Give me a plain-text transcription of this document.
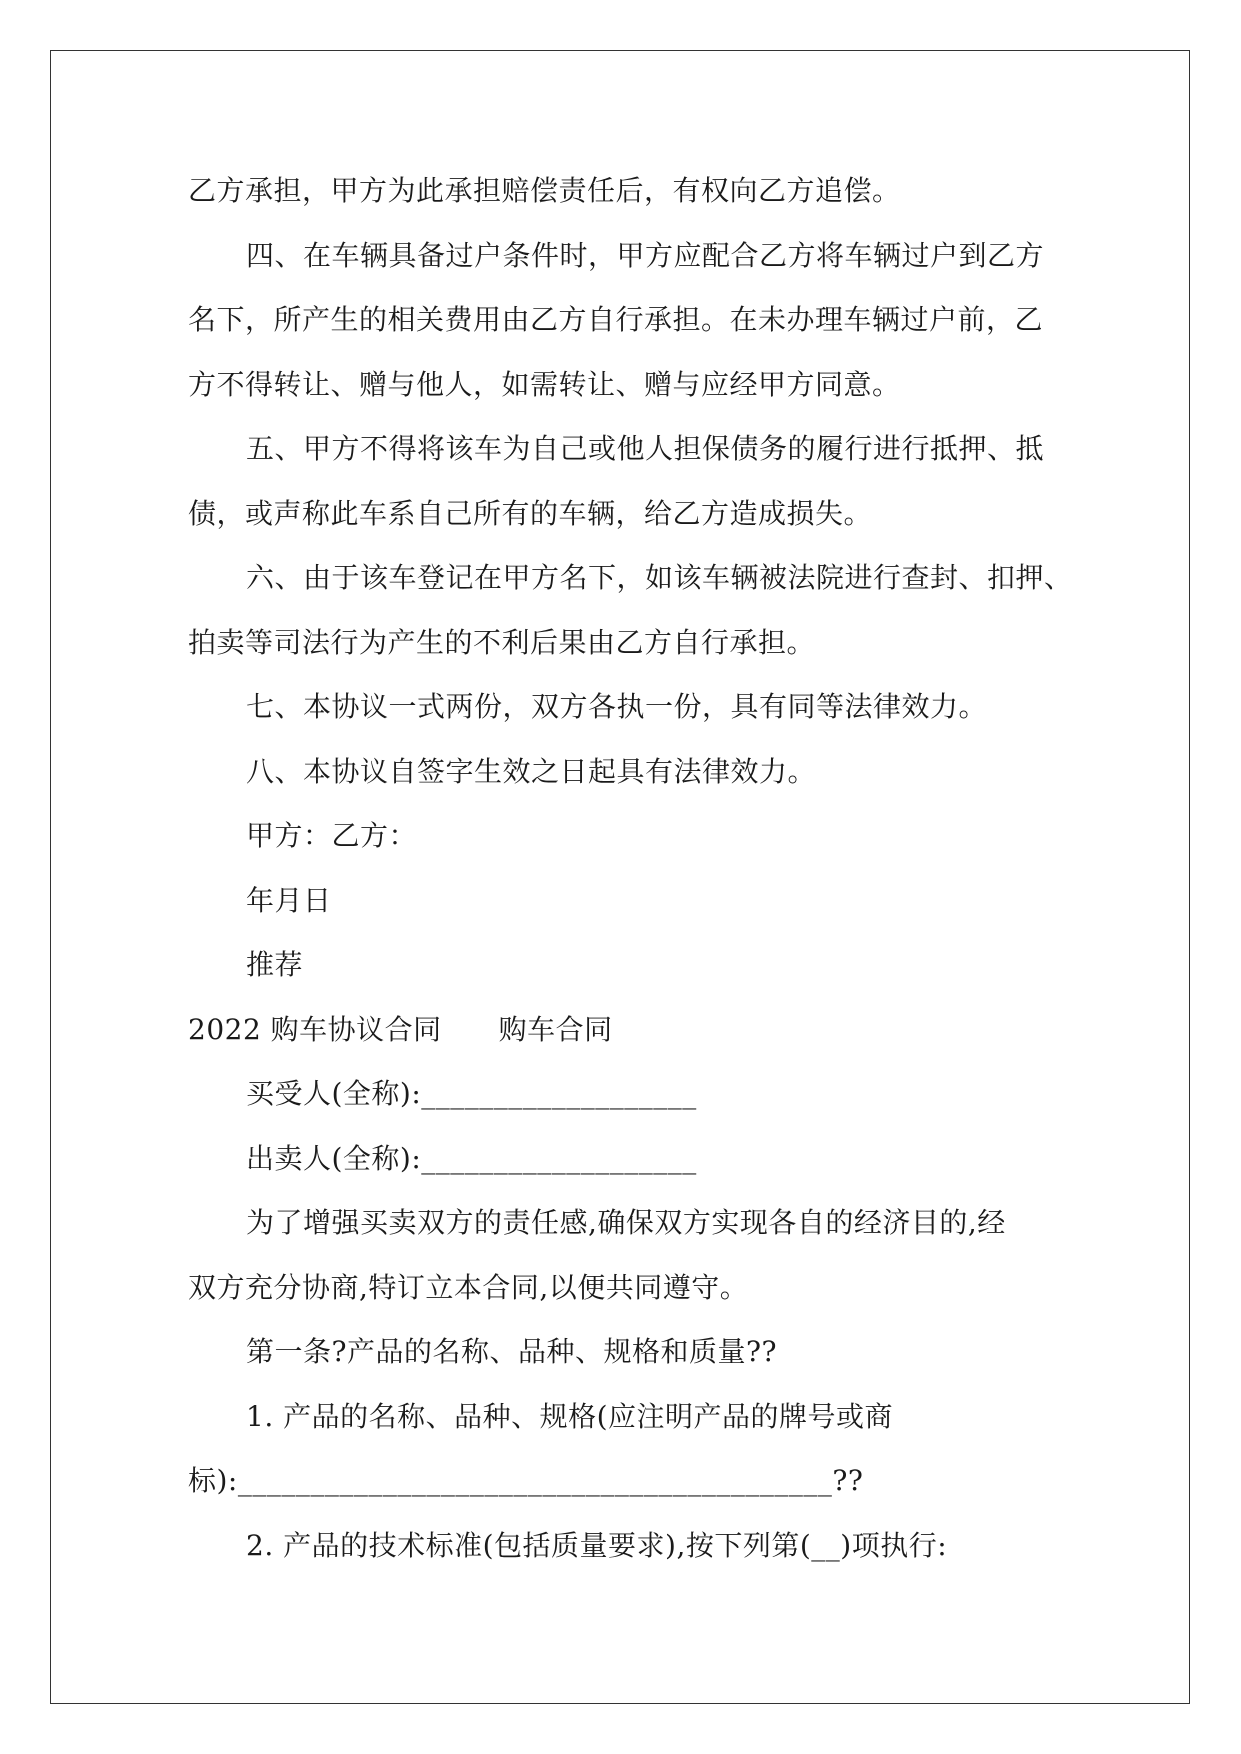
乙方承担，甲方为此承担赔偿责任后，有权向乙方追偿。
四、在车辆具备过户条件时，甲方应配合乙方将车辆过户到乙方
名下，所产生的相关费用由乙方自行承担。在未办理车辆过户前，乙
方不得转让、赠与他人，如需转让、赠与应经甲方同意。
五、甲方不得将该车为自己或他人担保债务的履行进行抵押、抵
债，或声称此车系自己所有的车辆，给乙方造成损失。
六、由于该车登记在甲方名下，如该车辆被法院进行查封、扣押、
拍卖等司法行为产生的不利后果由乙方自行承担。
七、本协议一式两份，双方各执一份，具有同等法律效力。
八、本协议自签字生效之日起具有法律效力。
甲方：乙方：
年月日
推荐
2022 购车协议合同　　购车合同
买受人(全称):___________________
出卖人(全称):___________________
为了增强买卖双方的责任感,确保双方实现各自的经济目的,经
双方充分协商,特订立本合同,以便共同遵守。
第一条?产品的名称、品种、规格和质量??
1. 产品的名称、品种、规格(应注明产品的牌号或商
标):_________________________________________??
2. 产品的技术标准(包括质量要求),按下列第(__)项执行:
